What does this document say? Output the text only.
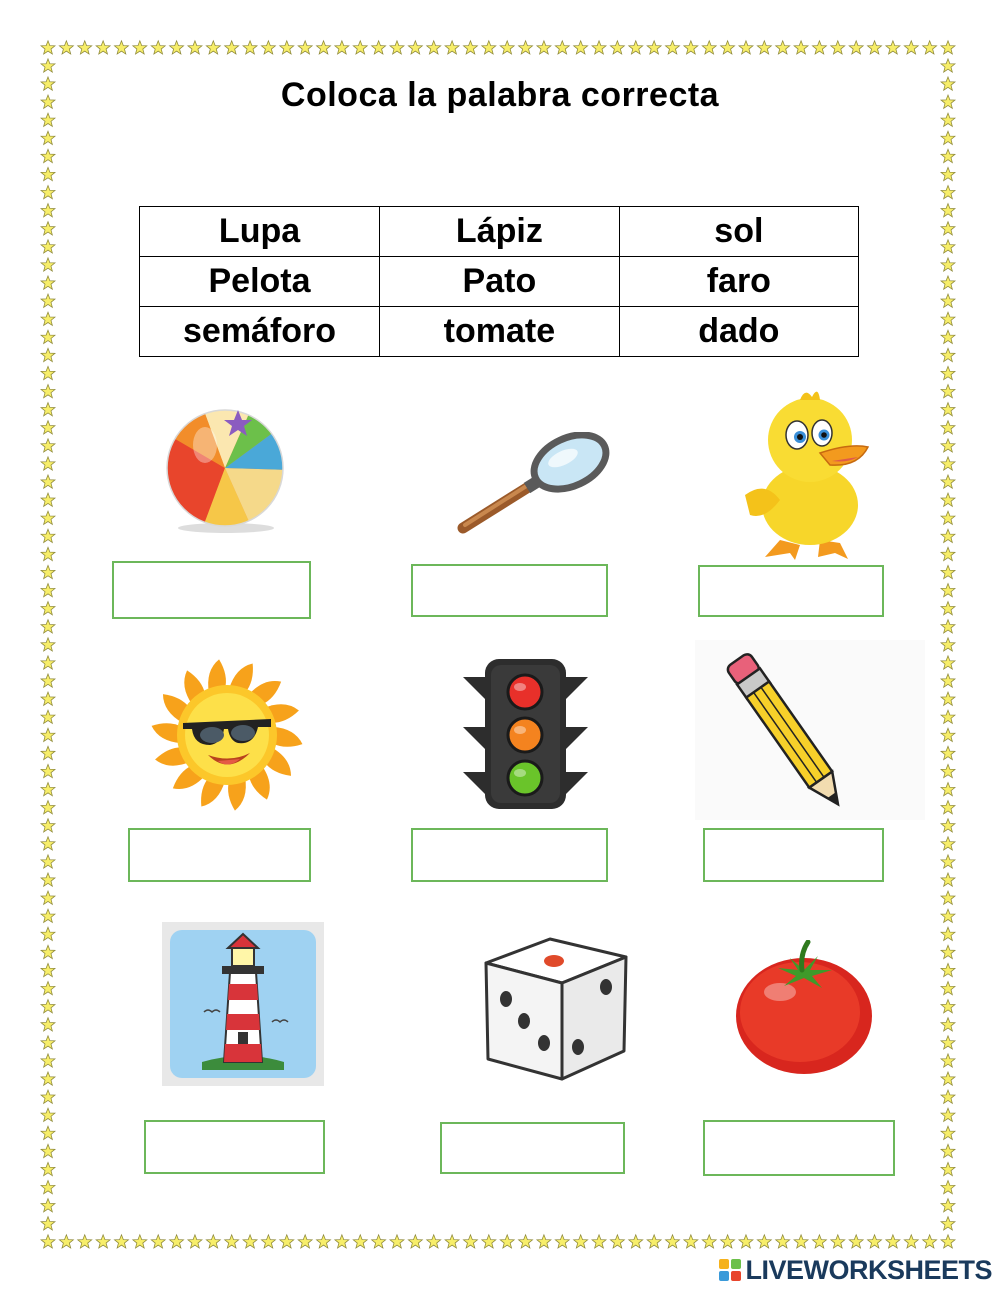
Coloca la palabra correcta
Lupa	Lápiz	sol
Pelota	Pato	faro
semáforo	tomate	dado
LIVEWORKSHEETS
